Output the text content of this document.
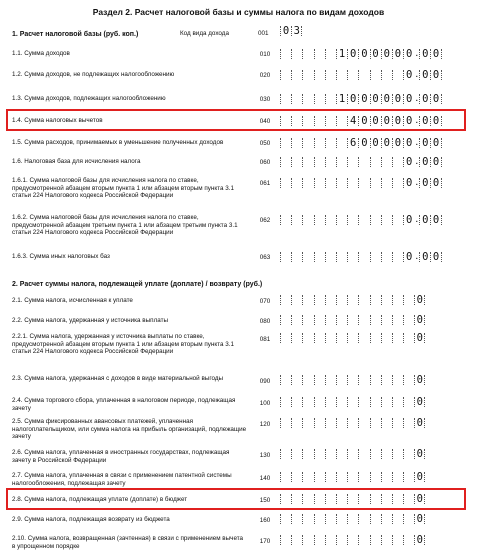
Раздел 2. Расчет налоговой базы и суммы налога по видам доходов
1. Расчет налоговой базы (руб. коп.)	Код вида дохода	001 0 3
1.1. Сумма доходов	010	1 0 0 0 0 0 0 . 0 0
1.2. Сумма доходов, не подлежащих налогообложению	020	0 . 0 0
1.3. Сумма доходов, подлежащих налогообложению	030	1 0 0 0 0 0 0 . 0 0
1.4. Сумма налоговых вычетов	040	4 0 0 0 0 0 . 0 0
1.5. Сумма расходов, принимаемых в уменьшение полученных доходов	050	6 0 0 0 0 0 . 0 0
1.6. Налоговая база для исчисления налога	060	0 . 0 0
1.6.1. Сумма налоговой базы для исчисления налога по ставке, предусмотренной абзацем вторым пункта 1 или абзацем вторым пункта 3.1 статьи 224 Налогового кодекса Российской Федерации
061	0 . 0 0
1.6.2. Сумма налоговой базы для исчисления налога по ставке, предусмотренной абзацем третьим пункта 1 или абзацем третьим пункта 3.1 статьи 224 Налогового кодекса Российской Федерации
062	0 . 0 0
1.6.3. Сумма иных налоговых баз	063	0 . 0 0
2. Расчет суммы налога, подлежащей уплате (доплате) / возврату (руб.)
2.1. Сумма налога, исчисленная к уплате	070	0
2.2. Сумма налога, удержанная у источника выплаты	080	0
2.2.1. Сумма налога, удержанная у источника выплаты по ставке, предусмотренной абзацем вторым пункта 1 или абзацем вторым пункта 3.1 статьи 224 Налогового кодекса Российской Федерации
081	0
2.3. Сумма налога, удержанная с доходов в виде материальной выгоды	090	0
2.4. Сумма торгового сбора, уплаченная в налоговом периоде, подлежащая зачету
100	0
2.5. Сумма фиксированных авансовых платежей, уплаченная налогоплательщиком, или сумма налога на прибыль организаций, подлежащие зачету
120	0
2.6. Сумма налога, уплаченная в иностранных государствах, подлежащая зачету в Российской Федерации
130	0
2.7. Сумма налога, уплаченная в связи с применением патентной системы налогообложения, подлежащая зачету
140	0
2.8. Сумма налога, подлежащая уплате (доплате) в бюджет	150	0
2.9. Сумма налога, подлежащая возврату из бюджета	160	0
2.10. Сумма налога, возвращенная (зачтенная) в связи с применением вычета в упрощенном порядке
170	0
